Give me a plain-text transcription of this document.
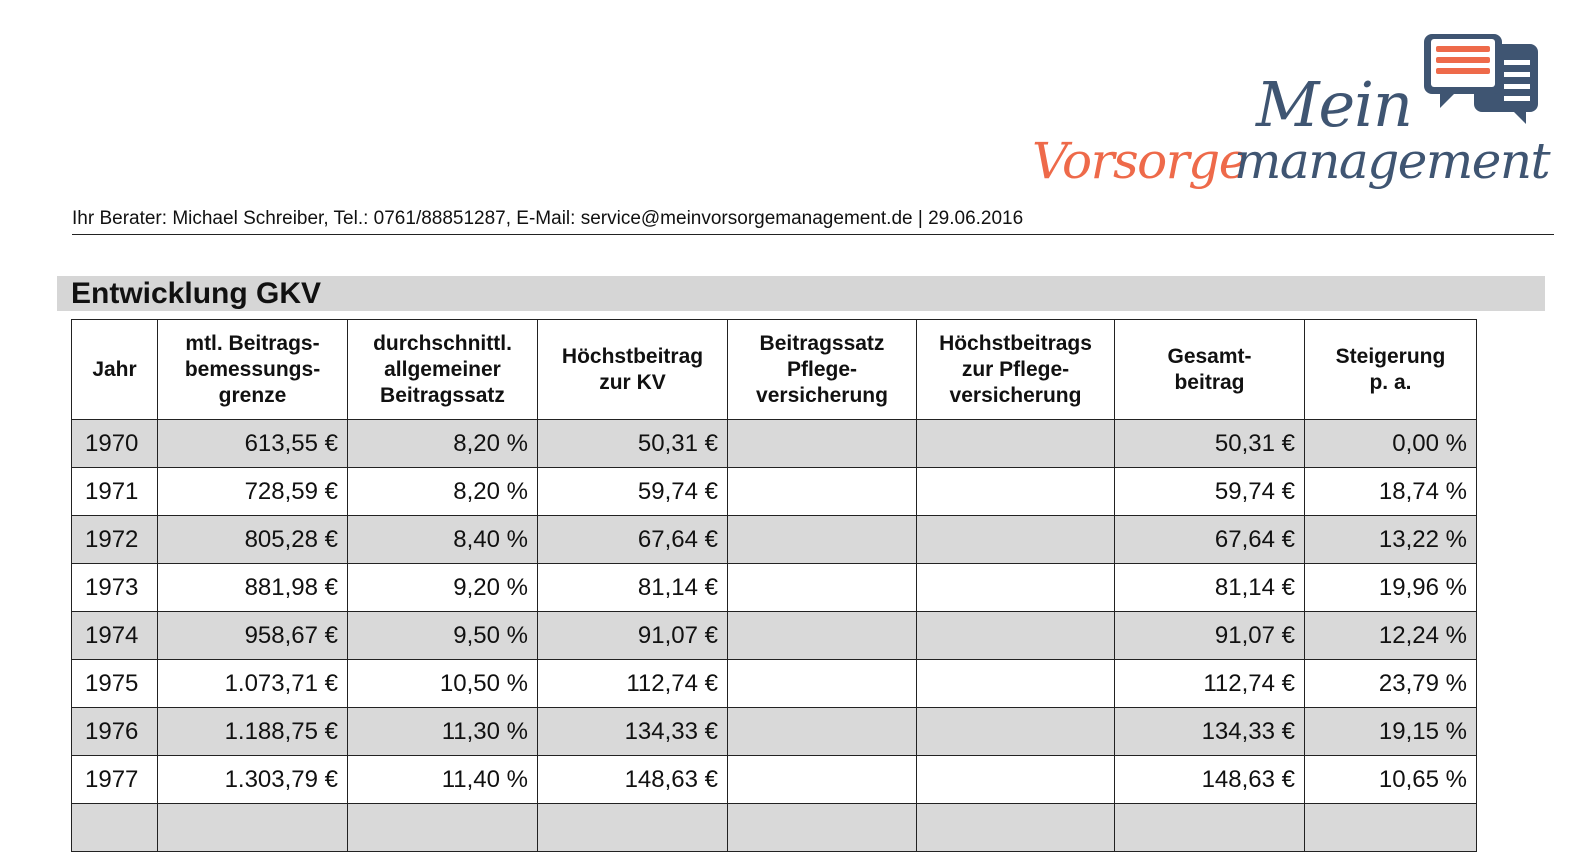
Mein
Vorsorge
management
Ihr Berater: Michael Schreiber, Tel.: 0761/88851287, E-Mail: service@meinvorsorgemanagement.de | 29.06.2016
Entwicklung GKV
Jahr	mtl. Beitrags-
bemessungs-
grenze	durchschnittl.
allgemeiner
Beitragssatz	Höchstbeitrag
zur KV	Beitragssatz
Pflege-
versicherung	Höchstbeitrags
zur Pflege-
versicherung	Gesamt-
beitrag	Steigerung
p. a.
1970	613,55 €	8,20 %	50,31 €			50,31 €	0,00 %
1971	728,59 €	8,20 %	59,74 €			59,74 €	18,74 %
1972	805,28 €	8,40 %	67,64 €			67,64 €	13,22 %
1973	881,98 €	9,20 %	81,14 €			81,14 €	19,96 %
1974	958,67 €	9,50 %	91,07 €			91,07 €	12,24 %
1975	1.073,71 €	10,50 %	112,74 €			112,74 €	23,79 %
1976	1.188,75 €	11,30 %	134,33 €			134,33 €	19,15 %
1977	1.303,79 €	11,40 %	148,63 €			148,63 €	10,65 %
